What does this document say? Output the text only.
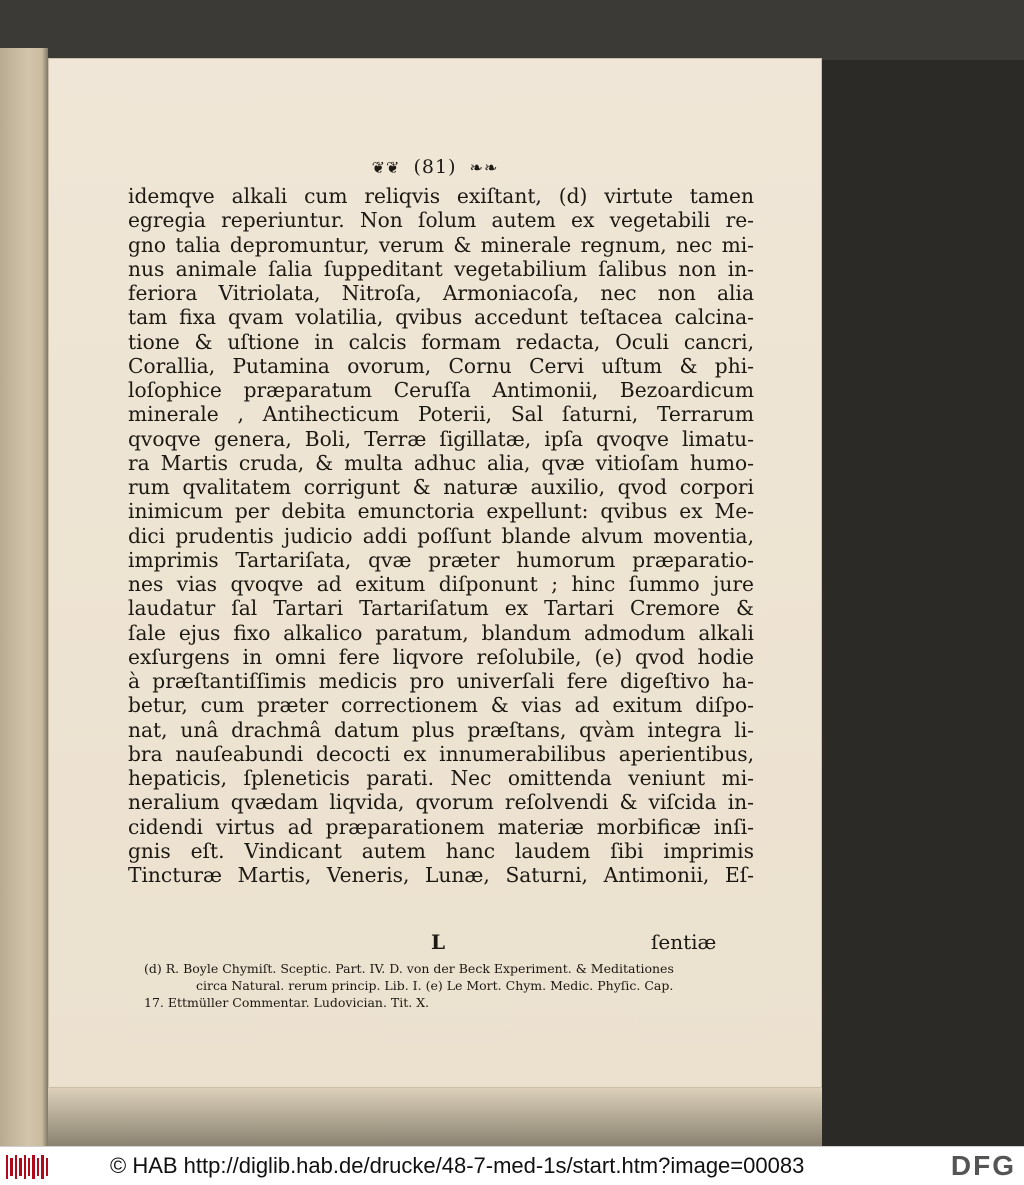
❦❦ (81) ❧❧
idemqve alkali cum reliqvis exiſtant, (d) virtute tamen
egregia reperiuntur. Non ſolum autem ex vegetabili re-
gno talia depromuntur, verum & minerale regnum, nec mi-
nus animale ſalia ſuppeditant vegetabilium ſalibus non in-
feriora Vitriolata, Nitroſa, Armoniacoſa, nec non alia
tam fixa qvam volatilia, qvibus accedunt teſtacea calcina-
tione & uſtione in calcis formam redacta, Oculi cancri,
Corallia, Putamina ovorum, Cornu Cervi uſtum & phi-
loſophice præparatum Ceruſſa Antimonii, Bezoardicum
minerale , Antihecticum Poterii, Sal ſaturni, Terrarum
qvoqve genera, Boli, Terræ ſigillatæ, ipſa qvoqve limatu-
ra Martis cruda, & multa adhuc alia, qvæ vitioſam humo-
rum qvalitatem corrigunt & naturæ auxilio, qvod corpori
inimicum per debita emunctoria expellunt: qvibus ex Me-
dici prudentis judicio addi poſſunt blande alvum moventia,
imprimis Tartariſata, qvæ præter humorum præparatio-
nes vias qvoqve ad exitum diſponunt ; hinc ſummo jure
laudatur ſal Tartari Tartariſatum ex Tartari Cremore &
ſale ejus fixo alkalico paratum, blandum admodum alkali
exſurgens in omni fere liqvore reſolubile, (e) qvod hodie
à præſtantiſſimis medicis pro univerſali fere digeſtivo ha-
betur, cum præter correctionem & vias ad exitum diſpo-
nat, unâ drachmâ datum plus præſtans, qvàm integra li-
bra nauſeabundi decocti ex innumerabilibus aperientibus,
hepaticis, ſpleneticis parati. Nec omittenda veniunt mi-
neralium qvædam liqvida, qvorum reſolvendi & viſcida in-
cidendi virtus ad præparationem materiæ morbificæ inſi-
gnis eſt. Vindicant autem hanc laudem ſibi imprimis
Tincturæ Martis, Veneris, Lunæ, Saturni, Antimonii, Eſ-
L	ſentiæ
(d) R. Boyle Chymiſt. Sceptic. Part. IV. D. von der Beck Experiment. & Meditationes
circa Natural. rerum princip. Lib. I. (e) Le Mort. Chym. Medic. Phyſic. Cap.
17. Ettmüller Commentar. Ludovician. Tit. X.
© HAB http://diglib.hab.de/drucke/48-7-med-1s/start.htm?image=00083	DFG
